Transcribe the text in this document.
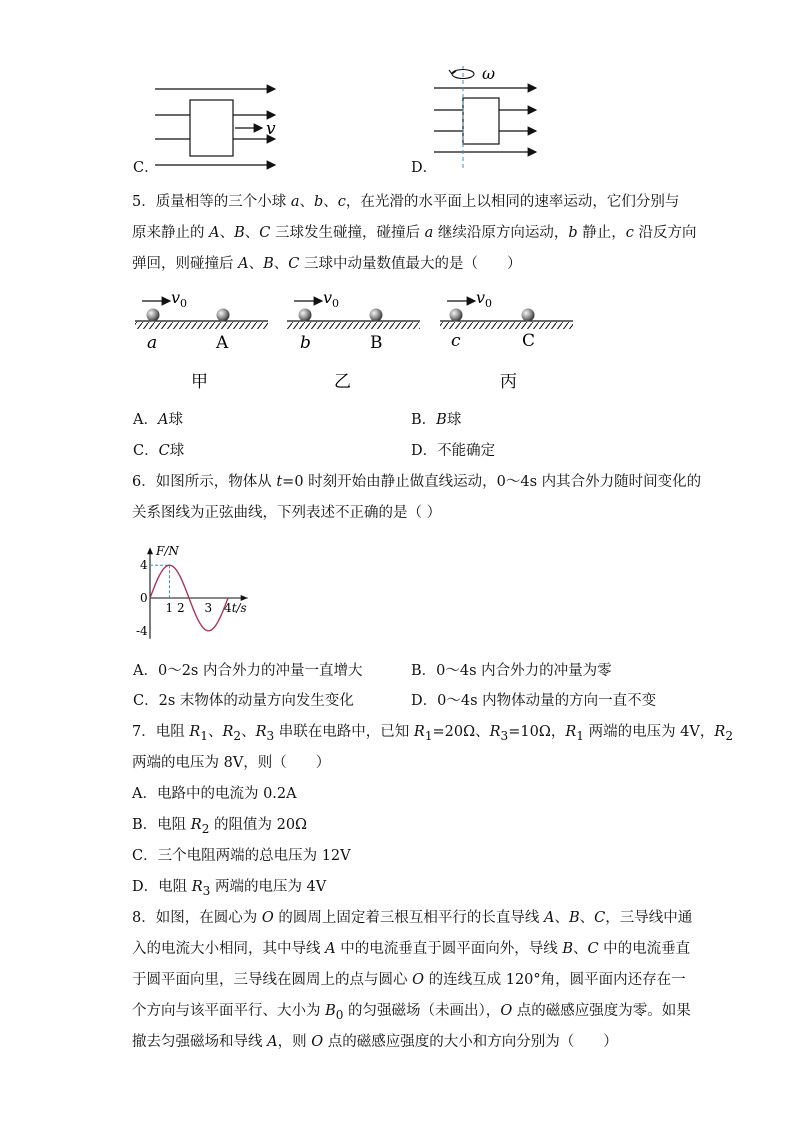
C．
v
D．
ω
5．质量相等的三个小球 a、b、c，在光滑的水平面上以相同的速率运动，它们分别与
原来静止的 A、B、C 三球发生碰撞，碰撞后 a 继续沿原方向运动，b 静止，c 沿反方向
弹回，则碰撞后 A、B、C 三球中动量数值最大的是（　　）
v 0
a	A
甲
v 0
b	B
乙
v 0
c	C
丙
A．A球	B．B球
C．C球	D．不能确定
6．如图所示，物体从 t=0 时刻开始由静止做直线运动，0～4s 内其合外力随时间变化的
关系图线为正弦曲线，下列表述不正确的是（ ）
1 2 3 4
4
0
-4
F/N
t/s
A．0～2s 内合外力的冲量一直增大	B．0～4s 内合外力的冲量为零
C．2s 末物体的动量方向发生变化	D．0～4s 内物体动量的方向一直不变
7．电阻 $R_1$、$R_2$、$R_3$ 串联在电路中，已知 $R_1=20\Omega$、$R_3=10\Omega$，$R_1$ 两端的电压为 4V，$R_2$
两端的电压为 8V，则（　　）
A．电路中的电流为 0.2A
B．电阻 $R_2$ 的阻值为 20Ω
C．三个电阻两端的总电压为 12V
D．电阻 $R_3$ 两端的电压为 4V
8．如图，在圆心为 O 的圆周上固定着三根互相平行的长直导线 A、B、C，三导线中通
入的电流大小相同，其中导线 A 中的电流垂直于圆平面向外，导线 B、C 中的电流垂直
于圆平面向里，三导线在圆周上的点与圆心 O 的连线互成 120°角，圆平面内还存在一
个方向与该平面平行、大小为 $B_0$ 的匀强磁场（未画出），O 点的磁感应强度为零。如果
撤去匀强磁场和导线 A，则 O 点的磁感应强度的大小和方向分别为（　　）
